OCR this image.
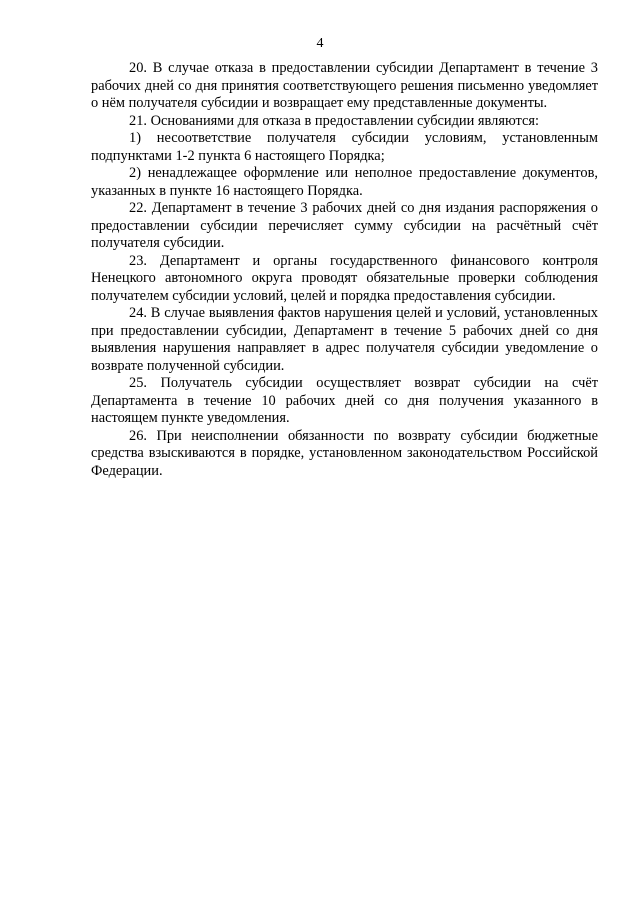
4

20. В случае отказа в предоставлении субсидии Департамент в течение 3 рабочих дней со дня принятия соответствующего решения письменно уведомляет о нём получателя субсидии и возвращает ему представленные документы.

21. Основаниями для отказа в предоставлении субсидии являются:

1) несоответствие получателя субсидии условиям, установленным подпунктами 1-2 пункта 6 настоящего Порядка;

2) ненадлежащее оформление или неполное предоставление документов, указанных в пункте 16 настоящего Порядка.

22. Департамент в течение 3 рабочих дней со дня издания распоряжения о предоставлении субсидии перечисляет сумму субсидии на расчётный счёт получателя субсидии.

23. Департамент и органы государственного финансового контроля Ненецкого автономного округа проводят обязательные проверки соблюдения получателем субсидии условий, целей и порядка предоставления субсидии.

24. В случае выявления фактов нарушения целей и условий, установленных при предоставлении субсидии, Департамент в течение 5 рабочих дней со дня выявления нарушения направляет в адрес получателя субсидии уведомление о возврате полученной субсидии.

25. Получатель субсидии осуществляет возврат субсидии на счёт Департамента в течение 10 рабочих дней со дня получения указанного в настоящем пункте уведомления.

26. При неисполнении обязанности по возврату субсидии бюджетные средства взыскиваются в порядке, установленном законодательством Российской Федерации.
